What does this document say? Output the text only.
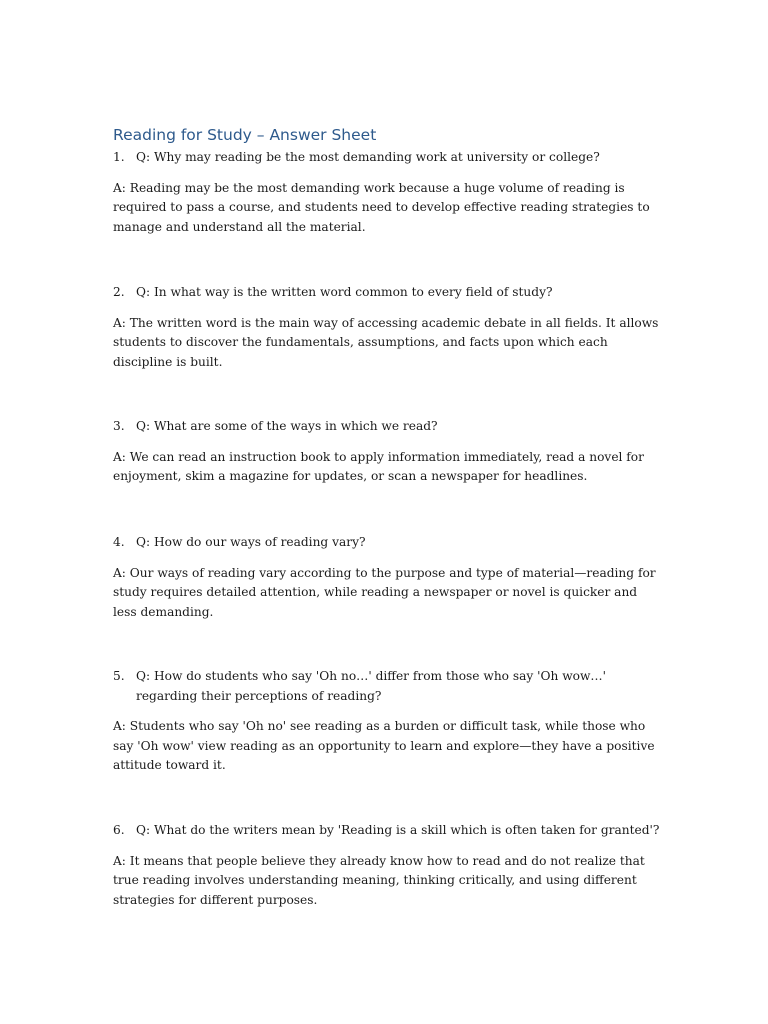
Reading for Study – Answer Sheet

1. Q: Why may reading be the most demanding work at university or college?

A: Reading may be the most demanding work because a huge volume of reading is required to pass a course, and students need to develop effective reading strategies to manage and understand all the material.

2. Q: In what way is the written word common to every field of study?

A: The written word is the main way of accessing academic debate in all fields. It allows students to discover the fundamentals, assumptions, and facts upon which each discipline is built.

3. Q: What are some of the ways in which we read?

A: We can read an instruction book to apply information immediately, read a novel for enjoyment, skim a magazine for updates, or scan a newspaper for headlines.

4. Q: How do our ways of reading vary?

A: Our ways of reading vary according to the purpose and type of material—reading for study requires detailed attention, while reading a newspaper or novel is quicker and less demanding.

5. Q: How do students who say 'Oh no…' differ from those who say 'Oh wow…' regarding their perceptions of reading?

A: Students who say 'Oh no' see reading as a burden or difficult task, while those who say 'Oh wow' view reading as an opportunity to learn and explore—they have a positive attitude toward it.

6. Q: What do the writers mean by 'Reading is a skill which is often taken for granted'?

A: It means that people believe they already know how to read and do not realize that true reading involves understanding meaning, thinking critically, and using different strategies for different purposes.
